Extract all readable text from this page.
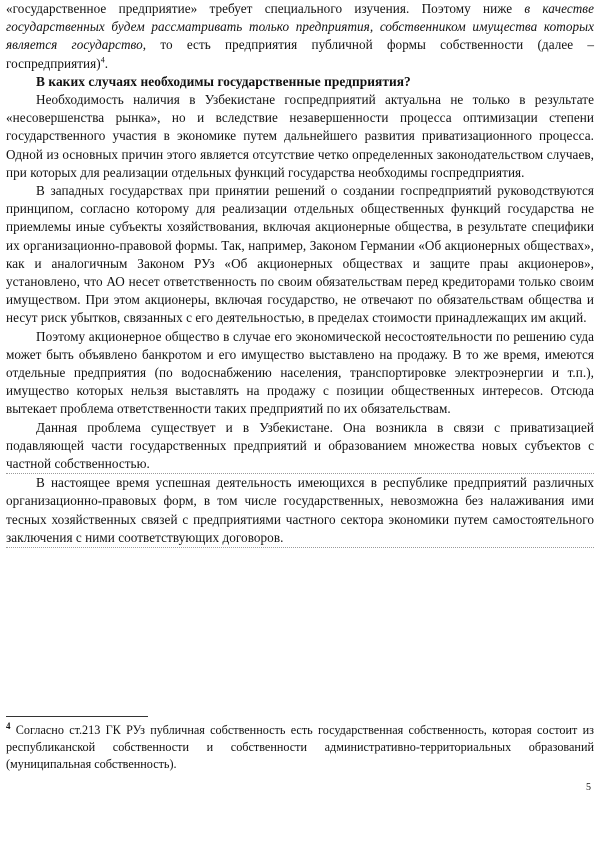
«государственное предприятие» требует специального изучения. Поэтому ниже в качестве государственных будем рассматривать только предприятия, собственником имущества которых является государство, то есть предприятия публичной формы собственности (далее – госпредприятия)$^4$.

В каких случаях необходимы государственные предприятия?

Необходимость наличия в Узбекистане госпредприятий актуальна не только в результате «несовершенства рынка», но и вследствие незавершенности процесса оптимизации степени государственного участия в экономике путем дальнейшего развития приватизационного процесса. Одной из основных причин этого является отсутствие четко определенных законодательством случаев, при которых для реализации отдельных функций государства необходимы госпредприятия.

В западных государствах при принятии решений о создании госпредприятий руководствуются принципом, согласно которому для реализации отдельных общественных функций государства не приемлемы иные субъекты хозяйствования, включая акционерные общества, в результате специфики их организационно-правовой формы. Так, например, Законом Германии «Об акционерных обществах», как и аналогичным Законом РУз «Об акционерных обществах и защите праы акционеров», установлено, что АО несет ответственность по своим обязательствам перед кредиторами только своим имуществом. При этом акционеры, включая государство, не отвечают по обязательствам общества и несут риск убытков, связанных с его деятельностью, в пределах стоимости принадлежащих им акций.

Поэтому акционерное общество в случае его экономической несостоятельности по решению суда может быть объявлено банкротом и его имущество выставлено на продажу. В то же время, имеются отдельные предприятия (по водоснабжению населения, транспортировке электроэнергии и т.п.), имущество которых нельзя выставлять на продажу с позиции общественных интересов. Отсюда вытекает проблема ответственности таких предприятий по их обязательствам.

Данная проблема существует и в Узбекистане. Она возникла в связи с приватизацией подавляющей части государственных предприятий и образованием множества новых субъектов с частной собственностью.

В настоящее время успешная деятельность имеющихся в республике предприятий различных организационно-правовых форм, в том числе государственных, невозможна без налаживания ими тесных хозяйственных связей с предприятиями частного сектора экономики путем самостоятельного заключения с ними соответствующих договоров.

$^4$ Согласно ст.213 ГК РУз публичная собственность есть государственная собственность, которая состоит из республиканской собственности и собственности административно-территориальных образований (муниципальная собственность).
5
